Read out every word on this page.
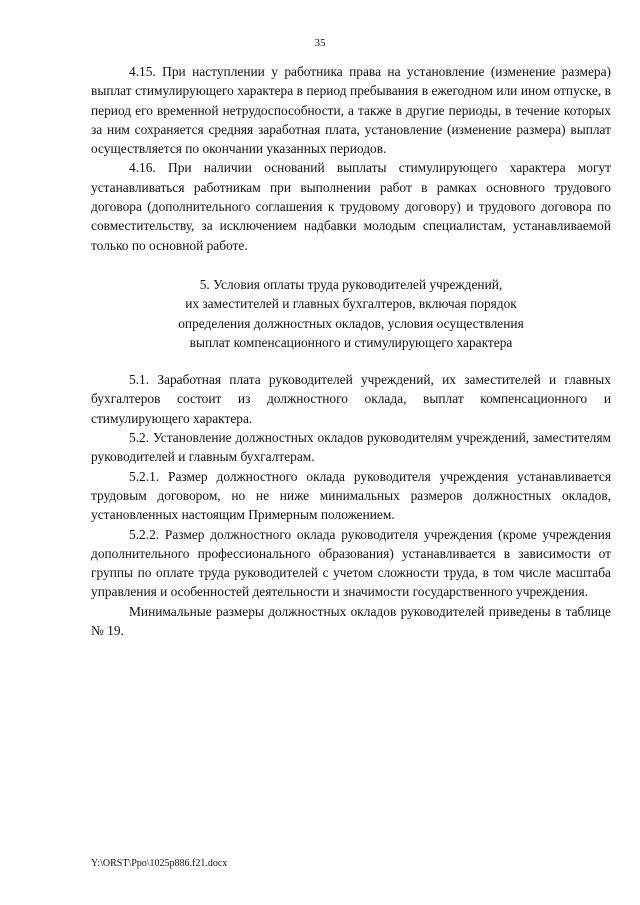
35

4.15. При наступлении у работника права на установление (изменение размера) выплат стимулирующего характера в период пребывания в ежегодном или ином отпуске, в период его временной нетрудоспособности, а также в другие периоды, в течение которых за ним сохраняется средняя заработная плата, установление (изменение размера) выплат осуществляется по окончании указанных периодов.

4.16. При наличии оснований выплаты стимулирующего характера могут устанавливаться работникам при выполнении работ в рамках основного трудового договора (дополнительного соглашения к трудовому договору) и трудового договора по совместительству, за исключением надбавки молодым специалистам, устанавливаемой только по основной работе.

5. Условия оплаты труда руководителей учреждений,
их заместителей и главных бухгалтеров, включая порядок
определения должностных окладов, условия осуществления
выплат компенсационного и стимулирующего характера

5.1. Заработная плата руководителей учреждений, их заместителей и главных бухгалтеров состоит из должностного оклада, выплат компенсационного и стимулирующего характера.

5.2. Установление должностных окладов руководителям учреждений, заместителям руководителей и главным бухгалтерам.

5.2.1. Размер должностного оклада руководителя учреждения устанавливается трудовым договором, но не ниже минимальных размеров должностных окладов, установленных настоящим Примерным положением.

5.2.2. Размер должностного оклада руководителя учреждения (кроме учреждения дополнительного профессионального образования) устанавливается в зависимости от группы по оплате труда руководителей с учетом сложности труда, в том числе масштаба управления и особенностей деятельности и значимости государственного учреждения.

Минимальные размеры должностных окладов руководителей приведены в таблице № 19.

Y:\ORST\Ppo\1025p886.f21.docx
